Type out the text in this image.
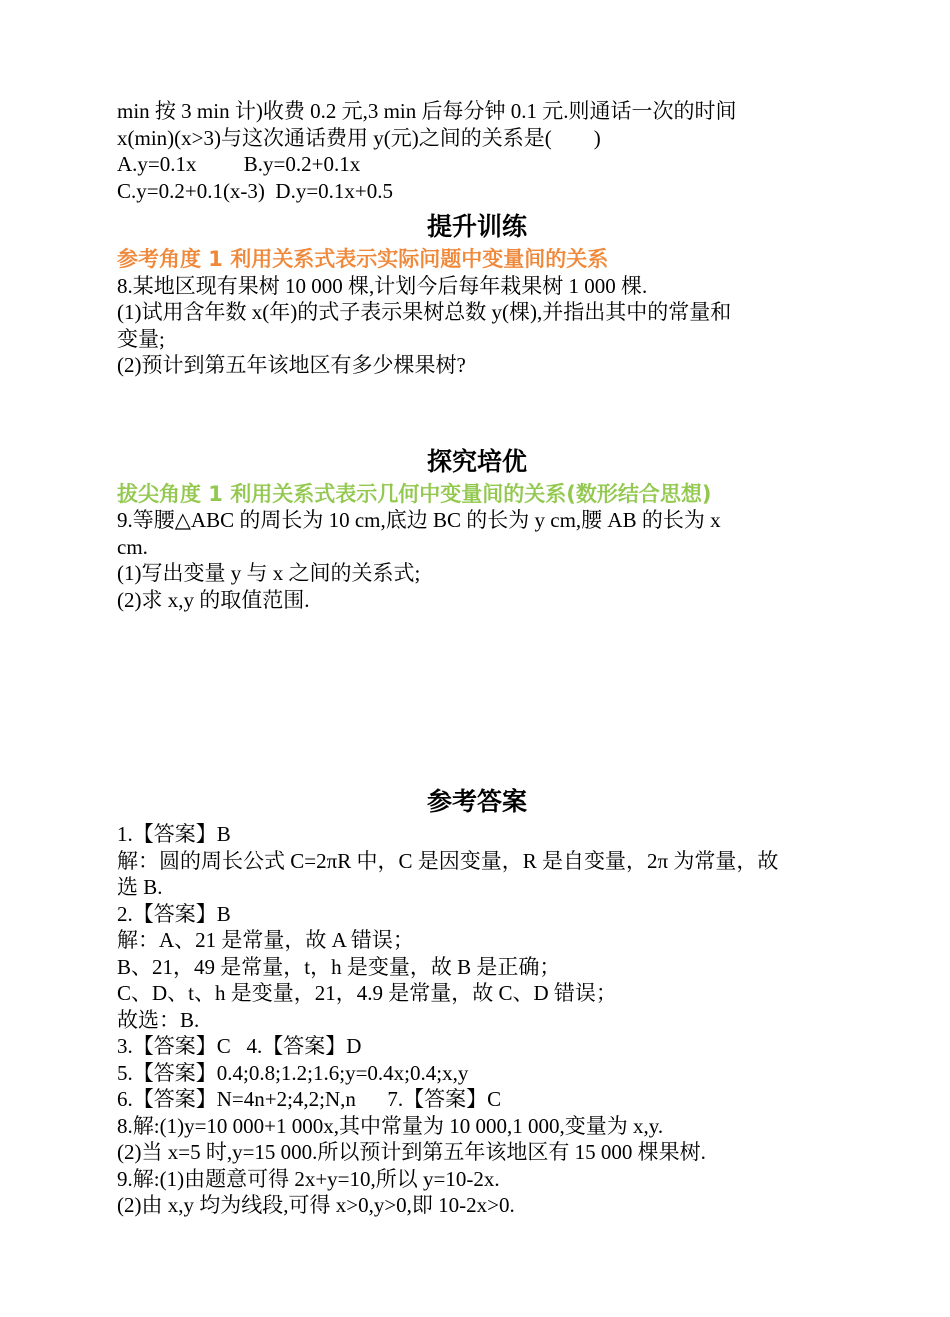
min 按 3 min 计)收费 0.2 元,3 min 后每分钟 0.1 元.则通话一次的时间
x(min)(x>3)与这次通话费用 y(元)之间的关系是(        )
A.y=0.1x         B.y=0.2+0.1x
C.y=0.2+0.1(x-3)  D.y=0.1x+0.5
提升训练
参考角度 1 利用关系式表示实际问题中变量间的关系
8.某地区现有果树 10 000 棵,计划今后每年栽果树 1 000 棵.
(1)试用含年数 x(年)的式子表示果树总数 y(棵),并指出其中的常量和
变量;
(2)预计到第五年该地区有多少棵果树?
探究培优
拔尖角度 1 利用关系式表示几何中变量间的关系(数形结合思想)
9.等腰△ABC 的周长为 10 cm,底边 BC 的长为 y cm,腰 AB 的长为 x
cm.
(1)写出变量 y 与 x 之间的关系式;
(2)求 x,y 的取值范围.
参考答案
1.【答案】B
解：圆的周长公式 C=2πR 中，C 是因变量，R 是自变量，2π 为常量，故
选 B.
2.【答案】B
解：A、21 是常量，故 A 错误；
B、21，49 是常量，t，h 是变量，故 B 是正确；
C、D、t、h 是变量，21，4.9 是常量，故 C、D 错误；
故选：B.
3.【答案】C   4.【答案】D
5.【答案】0.4;0.8;1.2;1.6;y=0.4x;0.4;x,y
6.【答案】N=4n+2;4,2;N,n      7.【答案】C
8.解:(1)y=10 000+1 000x,其中常量为 10 000,1 000,变量为 x,y.
(2)当 x=5 时,y=15 000.所以预计到第五年该地区有 15 000 棵果树.
9.解:(1)由题意可得 2x+y=10,所以 y=10-2x.
(2)由 x,y 均为线段,可得 x>0,y>0,即 10-2x>0.
